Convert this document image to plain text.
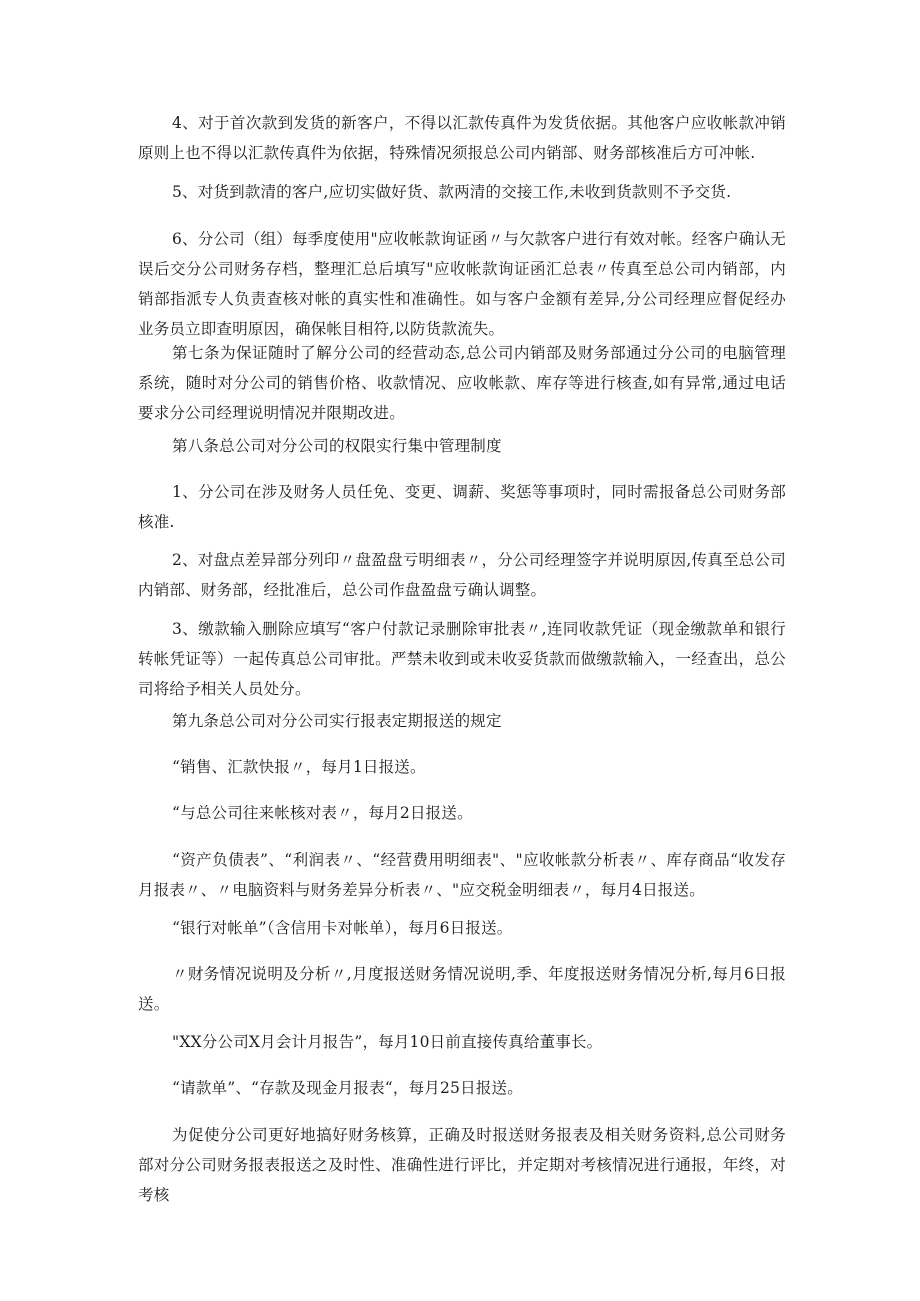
4、对于首次款到发货的新客户，不得以汇款传真件为发货依据。其他客户应收帐款冲销原则上也不得以汇款传真件为依据，特殊情况须报总公司内销部、财务部核准后方可冲帐.

5、对货到款清的客户,应切实做好货、款两清的交接工作,未收到货款则不予交货.

6、分公司（组）每季度使用"应收帐款询证函〃与欠款客户进行有效对帐。经客户确认无误后交分公司财务存档，整理汇总后填写"应收帐款询证函汇总表〃传真至总公司内销部，内销部指派专人负责查核对帐的真实性和准确性。如与客户金额有差异,分公司经理应督促经办业务员立即查明原因，确保帐目相符,以防货款流失。

第七条为保证随时了解分公司的经营动态,总公司内销部及财务部通过分公司的电脑管理系统，随时对分公司的销售价格、收款情况、应收帐款、库存等进行核查,如有异常,通过电话要求分公司经理说明情况并限期改进。

第八条总公司对分公司的权限实行集中管理制度

1、分公司在涉及财务人员任免、变更、调薪、奖惩等事项时，同时需报备总公司财务部核准.

2、对盘点差异部分列印〃盘盈盘亏明细表〃，分公司经理签字并说明原因,传真至总公司内销部、财务部，经批准后，总公司作盘盈盘亏确认调整。

3、缴款输入删除应填写“客户付款记录删除审批表〃,连同收款凭证（现金缴款单和银行转帐凭证等）一起传真总公司审批。严禁未收到或未收妥货款而做缴款输入，一经查出，总公司将给予相关人员处分。

第九条总公司对分公司实行报表定期报送的规定

“销售、汇款快报〃，每月1日报送。

“与总公司往来帐核对表〃，每月2日报送。

“资产负债表”、“利润表〃、“经营费用明细表"、"应收帐款分析表〃、库存商品“收发存月报表〃、〃电脑资料与财务差异分析表〃、"应交税金明细表〃，每月4日报送。

“银行对帐单”（含信用卡对帐单），每月6日报送。

〃财务情况说明及分析〃,月度报送财务情况说明,季、年度报送财务情况分析,每月6日报送。

"XX分公司X月会计月报告”，每月10日前直接传真给董事长。

“请款单”、“存款及现金月报表“，每月25日报送。

为促使分公司更好地搞好财务核算，正确及时报送财务报表及相关财务资料,总公司财务部对分公司财务报表报送之及时性、准确性进行评比，并定期对考核情况进行通报，年终，对考核
